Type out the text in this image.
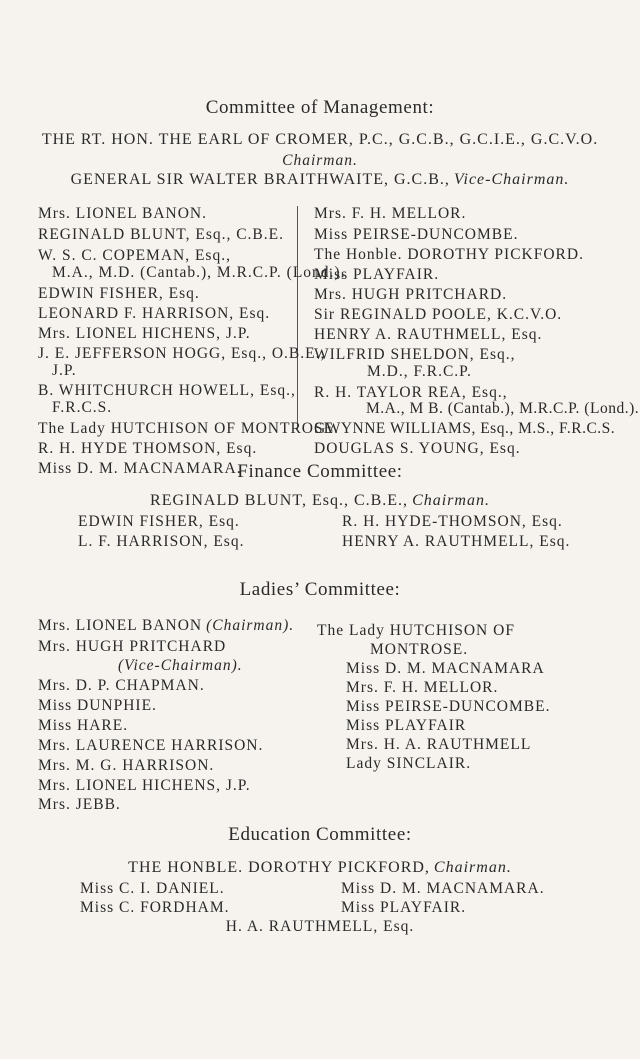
Committee of Management:
THE RT. HON. THE EARL OF CROMER, P.C., G.C.B., G.C.I.E., G.C.V.O.
Chairman.
GENERAL SIR WALTER BRAITHWAITE, G.C.B., Vice-Chairman.
Mrs. LIONEL BANON.
REGINALD BLUNT, Esq., C.B.E.
W. S. C. COPEMAN, Esq.,
M.A., M.D. (Cantab.), M.R.C.P. (Lond.).
EDWIN FISHER, Esq.
LEONARD F. HARRISON, Esq.
Mrs. LIONEL HICHENS, J.P.
J. E. JEFFERSON HOGG, Esq., O.B.E.,
J.P.
B. WHITCHURCH HOWELL, Esq.,
F.R.C.S.
The Lady HUTCHISON OF MONTROSE.
R. H. HYDE THOMSON, Esq.
Miss D. M. MACNAMARA.
Mrs. F. H. MELLOR.
Miss PEIRSE-DUNCOMBE.
The Honble. DOROTHY PICKFORD.
Miss PLAYFAIR.
Mrs. HUGH PRITCHARD.
Sir REGINALD POOLE, K.C.V.O.
HENRY A. RAUTHMELL, Esq.
WILFRID SHELDON, Esq.,
M.D., F.R.C.P.
R. H. TAYLOR REA, Esq.,
M.A., M B. (Cantab.), M.R.C.P. (Lond.).
GWYNNE WILLIAMS, Esq., M.S., F.R.C.S.
DOUGLAS S. YOUNG, Esq.
Finance Committee:
REGINALD BLUNT, Esq., C.B.E., Chairman.
EDWIN FISHER, Esq.
L. F. HARRISON, Esq.
R. H. HYDE-THOMSON, Esq.
HENRY A. RAUTHMELL, Esq.
Ladies’ Committee:
Mrs. LIONEL BANON (Chairman).
Mrs. HUGH PRITCHARD
(Vice-Chairman).
Mrs. D. P. CHAPMAN.
Miss DUNPHIE.
Miss HARE.
Mrs. LAURENCE HARRISON.
Mrs. M. G. HARRISON.
Mrs. LIONEL HICHENS, J.P.
Mrs. JEBB.
The Lady HUTCHISON OF
MONTROSE.
Miss D. M. MACNAMARA
Mrs. F. H. MELLOR.
Miss PEIRSE-DUNCOMBE.
Miss PLAYFAIR
Mrs. H. A. RAUTHMELL
Lady SINCLAIR.
Education Committee:
THE HONBLE. DOROTHY PICKFORD, Chairman.
Miss C. I. DANIEL.
Miss C. FORDHAM.
Miss D. M. MACNAMARA.
Miss PLAYFAIR.
H. A. RAUTHMELL, Esq.
